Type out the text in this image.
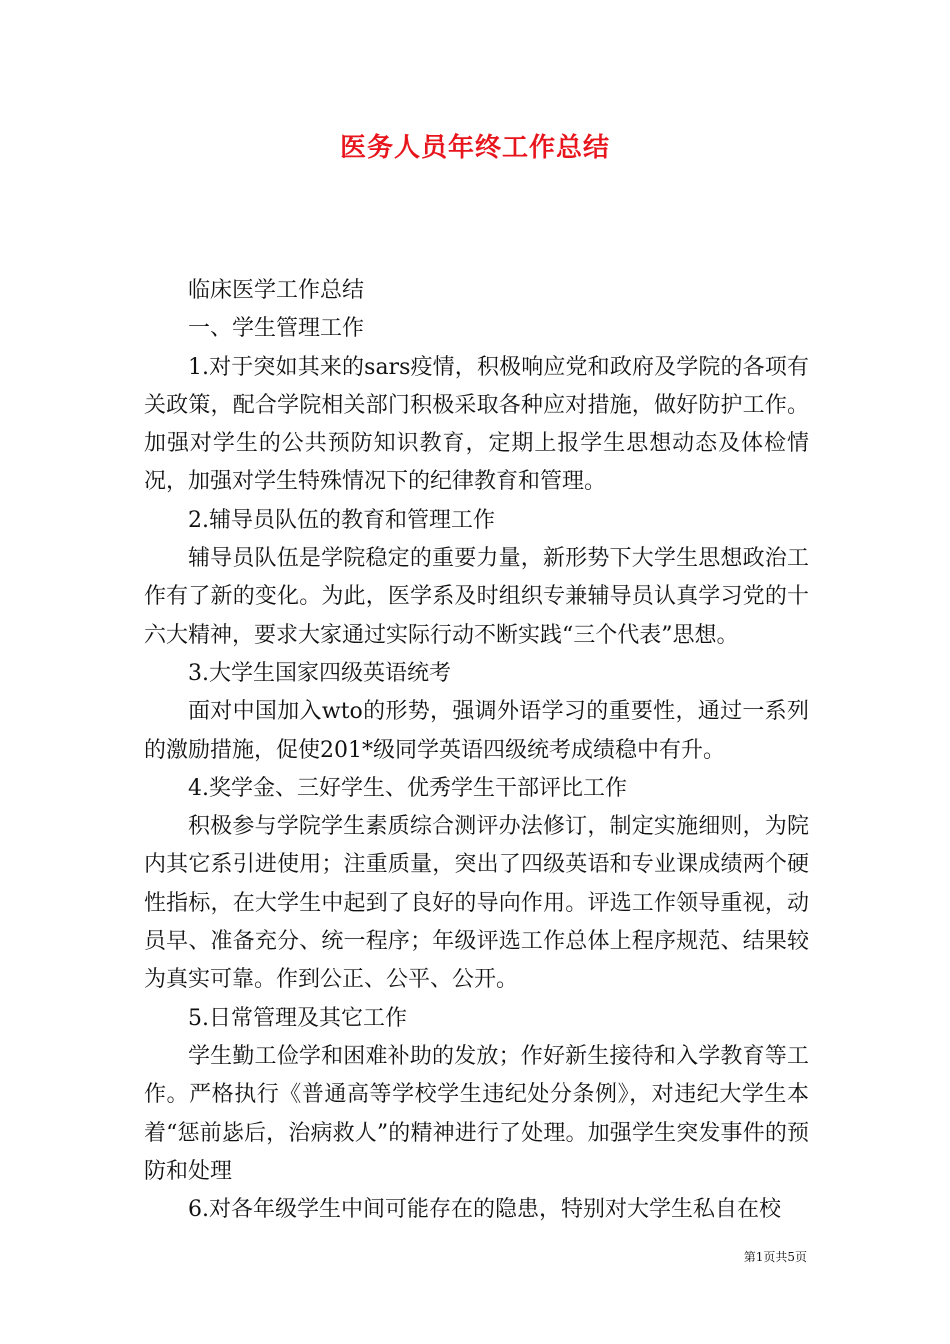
医务人员年终工作总结

临床医学工作总结

一、学生管理工作

1.对于突如其来的sars疫情，积极响应党和政府及学院的各项有关政策，配合学院相关部门积极采取各种应对措施，做好防护工作。加强对学生的公共预防知识教育，定期上报学生思想动态及体检情况，加强对学生特殊情况下的纪律教育和管理。

2.辅导员队伍的教育和管理工作

辅导员队伍是学院稳定的重要力量，新形势下大学生思想政治工作有了新的变化。为此，医学系及时组织专兼辅导员认真学习党的十六大精神，要求大家通过实际行动不断实践“三个代表”思想。

3.大学生国家四级英语统考

面对中国加入wto的形势，强调外语学习的重要性，通过一系列的激励措施，促使201*级同学英语四级统考成绩稳中有升。

4.奖学金、三好学生、优秀学生干部评比工作

积极参与学院学生素质综合测评办法修订，制定实施细则，为院内其它系引进使用；注重质量，突出了四级英语和专业课成绩两个硬性指标，在大学生中起到了良好的导向作用。评选工作领导重视，动员早、准备充分、统一程序；年级评选工作总体上程序规范、结果较为真实可靠。作到公正、公平、公开。

5.日常管理及其它工作

学生勤工俭学和困难补助的发放；作好新生接待和入学教育等工作。严格执行《普通高等学校学生违纪处分条例》，对违纪大学生本着“惩前毖后，治病救人”的精神进行了处理。加强学生突发事件的预防和处理

6.对各年级学生中间可能存在的隐患，特别对大学生私自在校

第1页共5页
